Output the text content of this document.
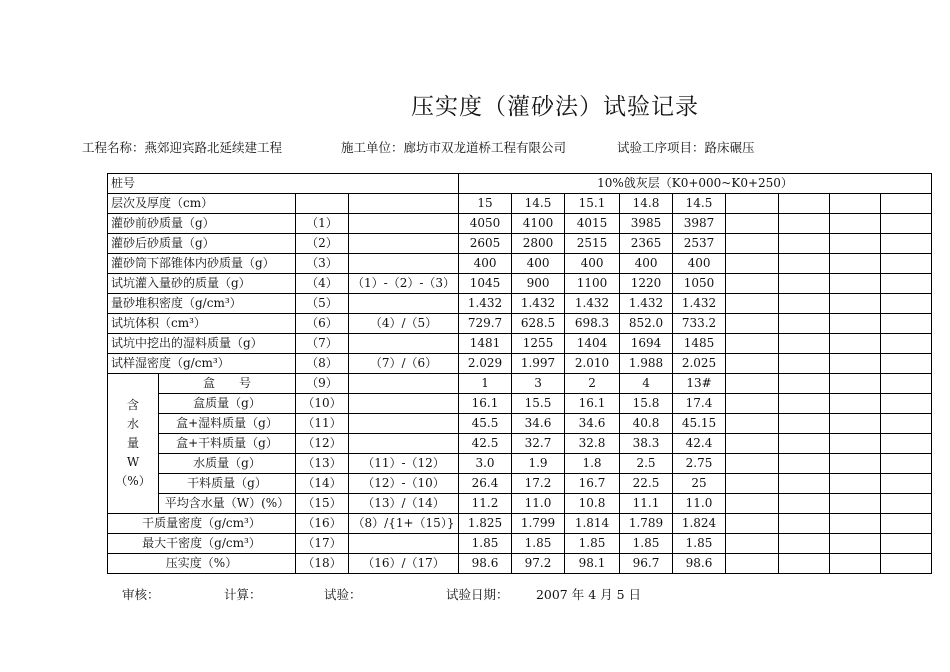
压实度（灌砂法）试验记录
工程名称：燕郊迎宾路北延续建工程	施工单位：廊坊市双龙道桥工程有限公司	试验工序项目：路床碾压
桩号				10%戗灰层（K0+000~K0+250）								
层次及厚度（cm）				15	14.5	15.1	14.8	14.5				
灌砂前砂质量（g）		（1）		4050	4100	4015	3985	3987				
灌砂后砂质量（g）		（2）		2605	2800	2515	2365	2537				
灌砂筒下部锥体内砂质量（g）		（3）		400	400	400	400	400				
试坑灌入量砂的质量（g）		（4）	（1）-（2）-（3）	1045	900	1100	1220	1050				
量砂堆积密度（g/cm³）		（5）		1.432	1.432	1.432	1.432	1.432				
试坑体积（cm³）		（6）	（4）/（5）	729.7	628.5	698.3	852.0	733.2				
试坑中挖出的湿料质量（g）		（7）		1481	1255	1404	1694	1485				
试样湿密度（g/cm³）		（8）	（7）/（6）	2.029	1.997	2.010	1.988	2.025				

含
水
量
W
（%）	盒　　号	（9）		1	3	2	4	13#				
	盒质量（g）	（10）		16.1	15.5	16.1	15.8	17.4				
	盒+湿料质量（g）	（11）		45.5	34.6	34.6	40.8	45.15				
	盒+干料质量（g）	（12）		42.5	32.7	32.8	38.3	42.4				
	水质量（g）	（13）	（11）-（12）	3.0	1.9	1.8	2.5	2.75				
	干料质量（g）	（14）	（12）-（10）	26.4	17.2	16.7	22.5	25				
	平均含水量（W）(%）	（15）	（13）/（14）	11.2	11.0	10.8	11.1	11.0				
干质量密度（g/cm³）		（16）	（8）/{1+（15）}	1.825	1.799	1.814	1.789	1.824				
最大干密度（g/cm³）		（17）		1.85	1.85	1.85	1.85	1.85				
压实度（%）		（18）	（16）/（17）	98.6	97.2	98.1	96.7	98.6				
审核：	计算：	试验：	试验日期： 2007 年 4 月 5 日
